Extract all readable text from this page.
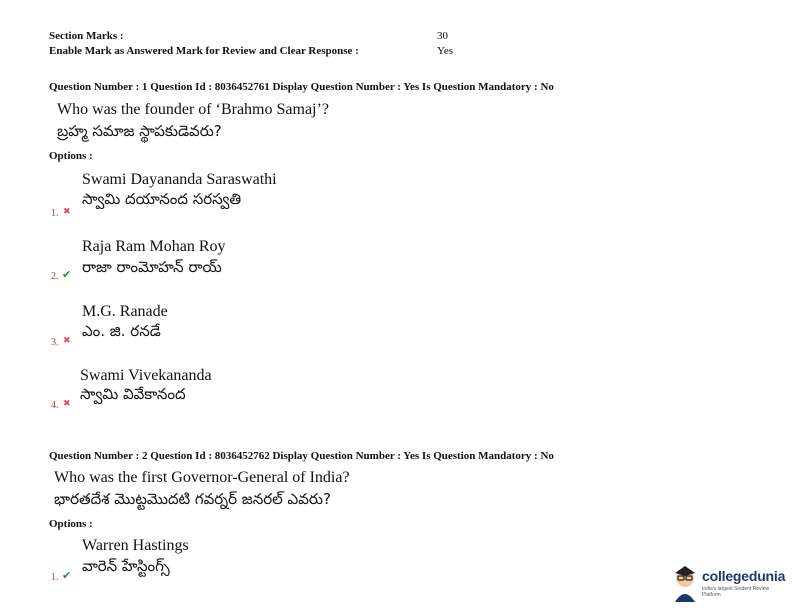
Section Marks :	30
Enable Mark as Answered Mark for Review and Clear Response :	Yes
Question Number : 1 Question Id : 8036452761 Display Question Number : Yes Is Question Mandatory : No
Who was the founder of ‘Brahmo Samaj’?
బ్రహ్మ సమాజ స్థాపకుడెవరు?
Options :
Swami Dayananda Saraswathi
స్వామి దయానంద సరస్వతి
1. ✖
Raja Ram Mohan Roy
రాజా రాంమోహన్ రాయ్
2. ✔
M.G. Ranade
ఎం. జి. రనడే
3. ✖
Swami Vivekananda
స్వామి వివేకానంద
4. ✖
Question Number : 2 Question Id : 8036452762 Display Question Number : Yes Is Question Mandatory : No
Who was the first Governor-General of India?
భారతదేశ మొట్టమొదటి గవర్నర్ జనరల్ ఎవరు?
Options :
Warren Hastings
వారెన్ హేస్టింగ్స్
1. ✔	collegedunia
India's largest Student Review Platform
